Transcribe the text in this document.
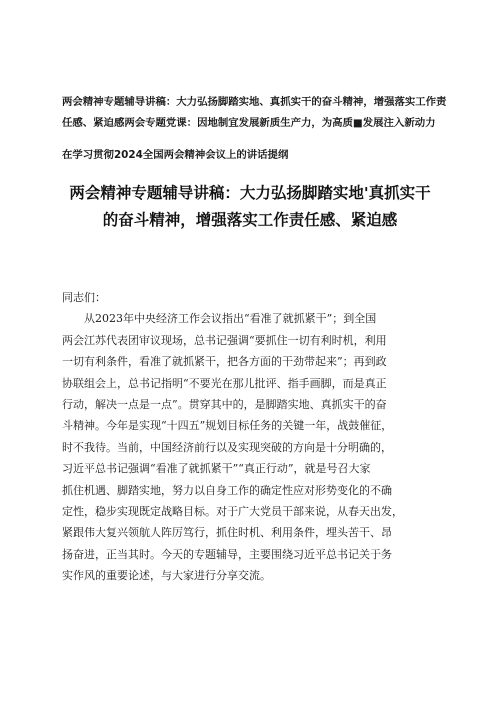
两会精神专题辅导讲稿：大力弘扬脚踏实地、真抓实干的奋斗精神，增强落实工作责
任感、紧迫感两会专题党课：因地制宜发展新质生产力，为高质■发展注入新动力
在学习贯彻2024全国两会精神会议上的讲话提纲
两会精神专题辅导讲稿：大力弘扬脚踏实地'真抓实干
的奋斗精神，增强落实工作责任感、紧迫感
同志们：
从2023年中央经济工作会议指出“看准了就抓紧干”；到全国
两会江苏代表团审议现场，总书记强调“要抓住一切有利时机，利用
一切有利条件，看准了就抓紧干，把各方面的干劲带起来”；再到政
协联组会上，总书记指明“不要光在那儿批评、指手画脚，而是真正
行动，解决一点是一点”。贯穿其中的，是脚踏实地、真抓实干的奋
斗精神。今年是实现“十四五”规划目标任务的关键一年，战鼓催征，
时不我待。当前，中国经济前行以及实现突破的方向是十分明确的，
习近平总书记强调“看准了就抓紧干”“真正行动”，就是号召大家
抓住机遇、脚踏实地，努力以自身工作的确定性应对形势变化的不确
定性，稳步实现既定战略目标。对于广大党员干部来说，从春天出发，
紧跟伟大复兴领航人阵厉笃行，抓住时机、利用条件，埋头苦干、昂
扬奋进，正当其时。今天的专题辅导，主要围绕习近平总书记关于务
实作风的重要论述，与大家进行分享交流。
